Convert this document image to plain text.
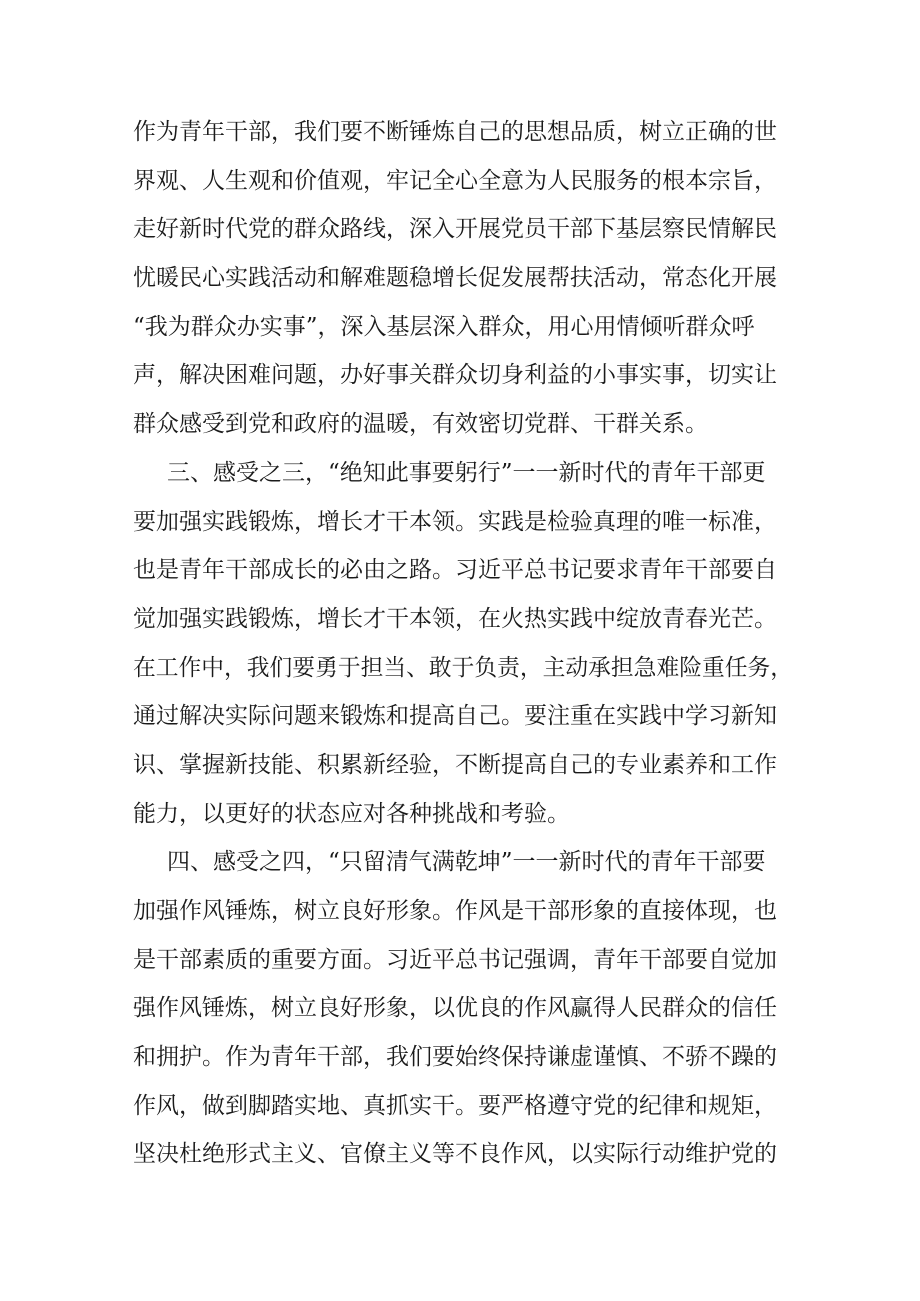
作为青年干部，我们要不断锤炼自己的思想品质，树立正确的世
界观、人生观和价值观，牢记全心全意为人民服务的根本宗旨，
走好新时代党的群众路线，深入开展党员干部下基层察民情解民
忧暖民心实践活动和解难题稳增长促发展帮扶活动，常态化开展
“我为群众办实事”，深入基层深入群众，用心用情倾听群众呼
声，解决困难问题，办好事关群众切身利益的小事实事，切实让
群众感受到党和政府的温暖，有效密切党群、干群关系。
三、感受之三，“绝知此事要躬行”一一新时代的青年干部更
要加强实践锻炼，增长才干本领。实践是检验真理的唯一标准，
也是青年干部成长的必由之路。习近平总书记要求青年干部要自
觉加强实践锻炼，增长才干本领，在火热实践中绽放青春光芒。
在工作中，我们要勇于担当、敢于负责，主动承担急难险重任务，
通过解决实际问题来锻炼和提高自己。要注重在实践中学习新知
识、掌握新技能、积累新经验，不断提高自己的专业素养和工作
能力，以更好的状态应对各种挑战和考验。
四、感受之四，“只留清气满乾坤”一一新时代的青年干部要
加强作风锤炼，树立良好形象。作风是干部形象的直接体现，也
是干部素质的重要方面。习近平总书记强调，青年干部要自觉加
强作风锤炼，树立良好形象，以优良的作风赢得人民群众的信任
和拥护。作为青年干部，我们要始终保持谦虚谨慎、不骄不躁的
作风，做到脚踏实地、真抓实干。要严格遵守党的纪律和规矩，
坚决杜绝形式主义、官僚主义等不良作风，以实际行动维护党的
